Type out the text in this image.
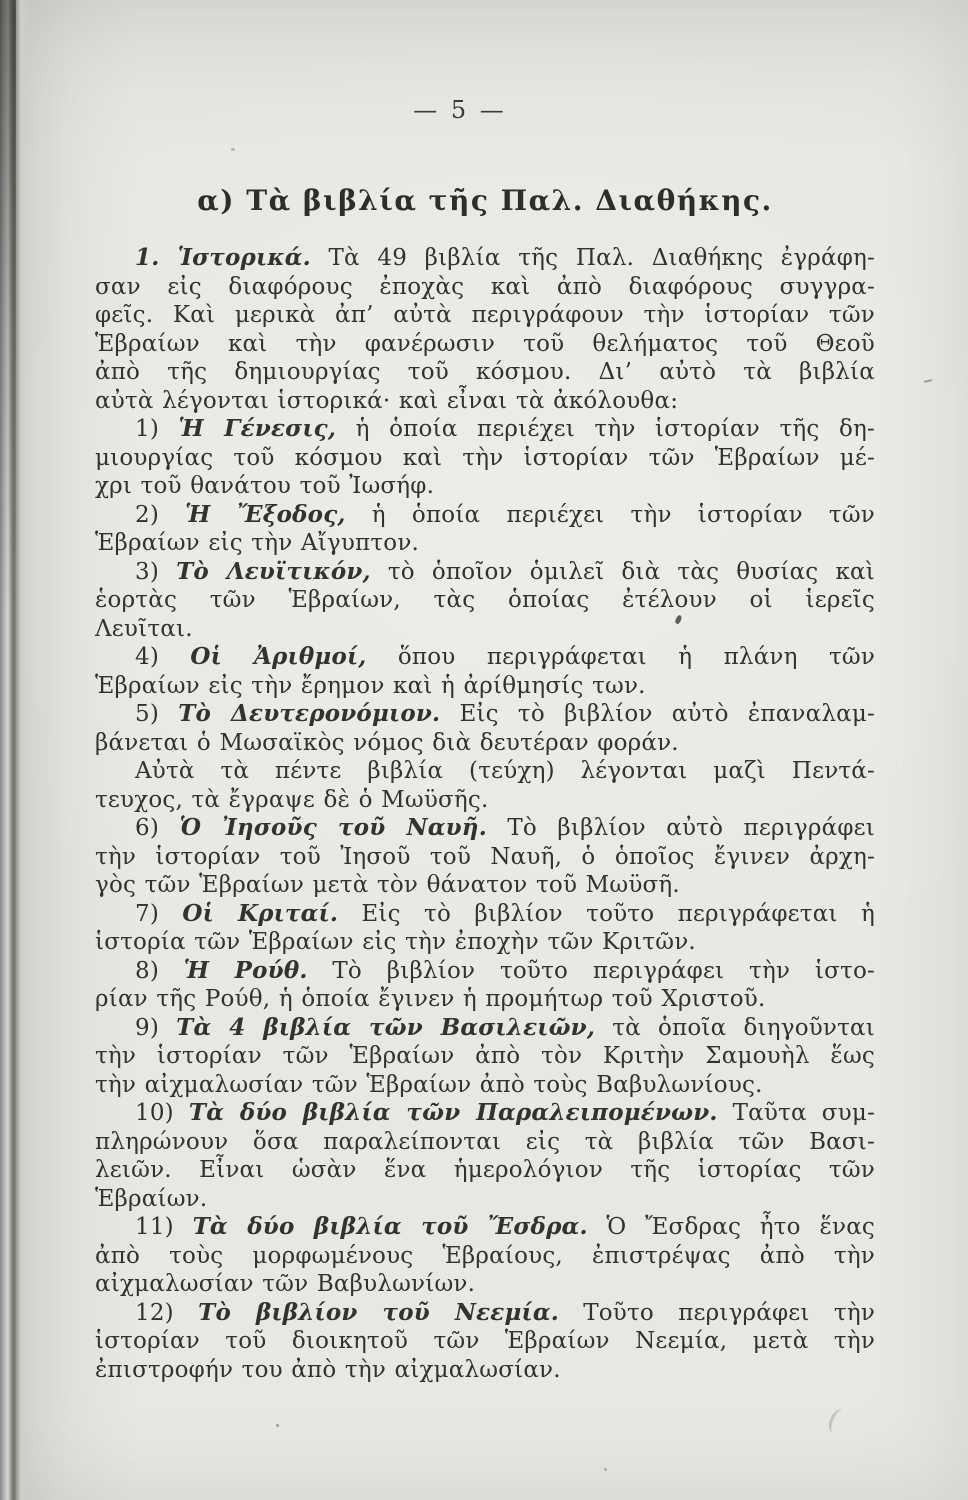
— 5 —
α) Τὰ βιβλία τῆς Παλ. Διαθήκης.
1. Ἱστορικά. Τὰ 49 βιβλία τῆς Παλ. Διαθήκης ἐγράφη-
σαν εἰς διαφόρους ἐποχὰς καὶ ἀπὸ διαφόρους συγγρα-
φεῖς. Καὶ μερικὰ ἀπ’ αὐτὰ περιγράφουν τὴν ἱστορίαν τῶν
Ἑβραίων καὶ τὴν φανέρωσιν τοῦ θελήματος τοῦ Θεοῦ
ἀπὸ τῆς δημιουργίας τοῦ κόσμου. Δι’ αὐτὸ τὰ βιβλία
αὐτὰ λέγονται ἱστορικά· καὶ εἶναι τὰ ἀκόλουθα:
1) Ἡ Γένεσις, ἡ ὁποία περιέχει τὴν ἱστορίαν τῆς δη-
μιουργίας τοῦ κόσμου καὶ τὴν ἱστορίαν τῶν Ἑβραίων μέ-
χρι τοῦ θανάτου τοῦ Ἰωσήφ.
2) Ἡ Ἔξοδος, ἡ ὁποία περιέχει τὴν ἱστορίαν τῶν
Ἑβραίων εἰς τὴν Αἴγυπτον.
3) Τὸ Λευϊτικόν, τὸ ὁποῖον ὁμιλεῖ διὰ τὰς θυσίας καὶ
ἑορτὰς τῶν Ἑβραίων, τὰς ὁποίας ἐτέλουν οἱ ἱερεῖς
Λευῖται.
4) Οἱ Ἀριθμοί, ὅπου περιγράφεται ἡ πλάνη τῶν
Ἑβραίων εἰς τὴν ἔρημον καὶ ἡ ἀρίθμησίς των.
5) Τὸ Δευτερονόμιον. Εἰς τὸ βιβλίον αὐτὸ ἐπαναλαμ-
βάνεται ὁ Μωσαϊκὸς νόμος διὰ δευτέραν φοράν.
Αὐτὰ τὰ πέντε βιβλία (τεύχη) λέγονται μαζὶ Πεντά-
τευχος, τὰ ἔγραψε δὲ ὁ Μωϋσῆς.
6) Ὁ Ἰησοῦς τοῦ Ναυῆ. Τὸ βιβλίον αὐτὸ περιγράφει
τὴν ἱστορίαν τοῦ Ἰησοῦ τοῦ Ναυῆ, ὁ ὁποῖος ἔγινεν ἀρχη-
γὸς τῶν Ἑβραίων μετὰ τὸν θάνατον τοῦ Μωϋσῆ.
7) Οἱ Κριταί. Εἰς τὸ βιβλίον τοῦτο περιγράφεται ἡ
ἱστορία τῶν Ἑβραίων εἰς τὴν ἐποχὴν τῶν Κριτῶν.
8) Ἡ Ρούθ. Τὸ βιβλίον τοῦτο περιγράφει τὴν ἱστο-
ρίαν τῆς Ρούθ, ἡ ὁποία ἔγινεν ἡ προμήτωρ τοῦ Χριστοῦ.
9) Τὰ 4 βιβλία τῶν Βασιλειῶν, τὰ ὁποῖα διηγοῦνται
τὴν ἱστορίαν τῶν Ἑβραίων ἀπὸ τὸν Κριτὴν Σαμουὴλ ἕως
τὴν αἰχμαλωσίαν τῶν Ἑβραίων ἀπὸ τοὺς Βαβυλωνίους.
10) Τὰ δύο βιβλία τῶν Παραλειπομένων. Ταῦτα συμ-
πληρώνουν ὅσα παραλείπονται εἰς τὰ βιβλία τῶν Βασι-
λειῶν. Εἶναι ὡσὰν ἕνα ἡμερολόγιον τῆς ἱστορίας τῶν
Ἑβραίων.
11) Τὰ δύο βιβλία τοῦ Ἔσδρα. Ὁ Ἔσδρας ἦτο ἕνας
ἀπὸ τοὺς μορφωμένους Ἑβραίους, ἐπιστρέψας ἀπὸ τὴν
αἰχμαλωσίαν τῶν Βαβυλωνίων.
12) Τὸ βιβλίον τοῦ Νεεμία. Τοῦτο περιγράφει τὴν
ἱστορίαν τοῦ διοικητοῦ τῶν Ἑβραίων Νεεμία, μετὰ τὴν
ἐπιστροφήν του ἀπὸ τὴν αἰχμαλωσίαν.
